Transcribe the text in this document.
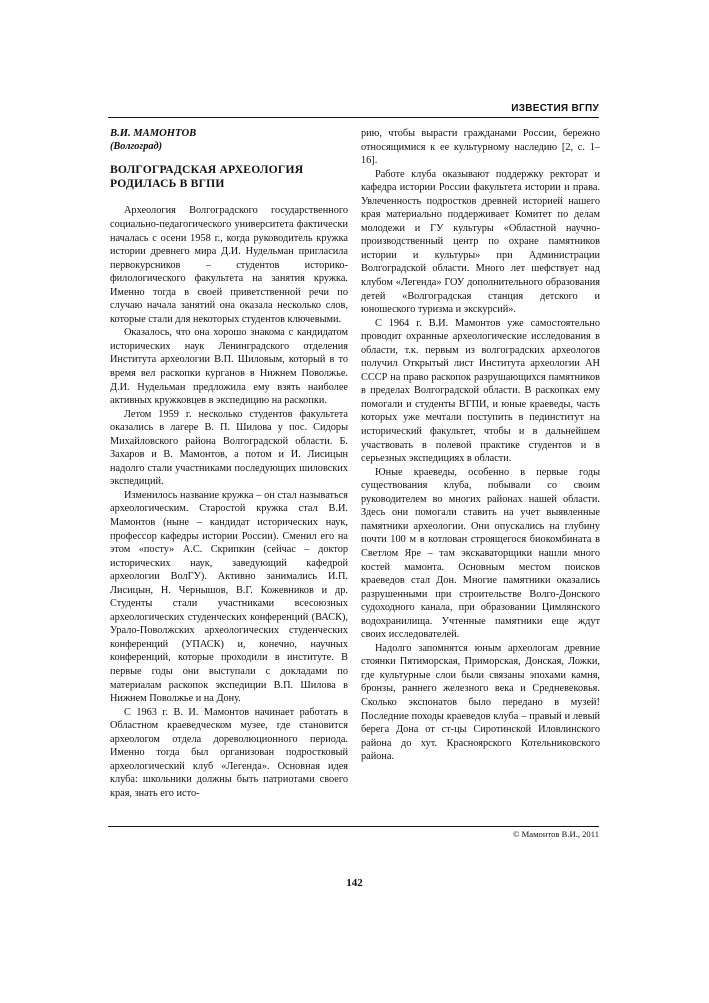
ИЗВЕСТИЯ ВГПУ
В.И. МАМОНТОВ
(Волгоград)
ВОЛГОГРАДСКАЯ АРХЕОЛОГИЯ
РОДИЛАСЬ В ВГПИ

Археология Волгоградского государственного социально-педагогического университета фактически началась с осени 1958 г., когда руководитель кружка истории древнего мира Д.И. Нудельман пригласила первокурсников – студентов историко-филологического факультета на занятия кружка. Именно тогда в своей приветственной речи по случаю начала занятий она оказала несколько слов, которые стали для некоторых студентов ключевыми.

Оказалось, что она хорошо знакома с кандидатом исторических наук Ленинградского отделения Института археологии В.П. Шиловым, который в то время вел раскопки курганов в Нижнем Поволжье. Д.И. Нудельман предложила ему взять наиболее активных кружковцев в экспедицию на раскопки.

Летом 1959 г. несколько студентов факультета оказались в лагере В. П. Шилова у пос. Сидоры Михайловского района Волгоградской области. Б. Захаров и В. Мамонтов, а потом и И. Лисицын надолго стали участниками последующих шиловских экспедиций.

Изменилось название кружка – он стал называться археологическим. Старостой кружка стал В.И. Мамонтов (ныне – кандидат исторических наук, профессор кафедры истории России). Сменил его на этом «посту» А.С. Скрипкин (сейчас – доктор исторических наук, заведующий кафедрой археологии ВолГУ). Активно занимались И.П. Лисицын, Н. Чернышов, В.Г. Кожевников и др. Студенты стали участниками всесоюзных археологических студенческих конференций (ВАСК), Урало-Поволжских археологических студенческих конференций (УПАСК) и, конечно, научных конференций, которые проходили в институте. В первые годы они выступали с докладами по материалам раскопок экспедиции В.П. Шилова в Нижнем Поволжье и на Дону.

С 1963 г. В. И. Мамонтов начинает работать в Областном краеведческом музее, где становится археологом отдела дореволюционного периода. Именно тогда был организован подростковый археологический клуб «Легенда». Основная идея клуба: школьники должны быть патриотами своего края, знать его исто-

рию, чтобы вырасти гражданами России, бережно относящимися к ее культурному наследию [2, с. 1–16].

Работе клуба оказывают поддержку ректорат и кафедра истории России факультета истории и права. Увлеченность подростков древней историей нашего края материально поддерживает Комитет по делам молодежи и ГУ культуры «Областной научно-производственный центр по охране памятников истории и культуры» при Администрации Волгоградской области. Много лет шефствует над клубом «Легенда» ГОУ дополнительного образования детей «Волгоградская станция детского и юношеского туризма и экскурсий».

С 1964 г. В.И. Мамонтов уже самостоятельно проводит охранные археологические исследования в области, т.к. первым из волгоградских археологов получил Открытый лист Института археологии АН СССР на право раскопок разрушающихся памятников в пределах Волгоградской области. В раскопках ему помогали и студенты ВГПИ, и юные краеведы, часть которых уже мечтали поступить в пединститут на исторический факультет, чтобы и в дальнейшем участвовать в полевой практике студентов и в серьезных экспедициях в области.

Юные краеведы, особенно в первые годы существования клуба, побывали со своим руководителем во многих районах нашей области. Здесь они помогали ставить на учет выявленные памятники археологии. Они опускались на глубину почти 100 м в котлован строящегося биокомбината в Светлом Яре – там экскаваторщики нашли много костей мамонта. Основным местом поисков краеведов стал Дон. Многие памятники оказались разрушенными при строительстве Волго-Донского судоходного канала, при образовании Цимлянского водохранилища. Учтенные памятники еще ждут своих исследователей.

Надолго запомнятся юным археологам древние стоянки Пятиморская, Приморская, Донская, Ложки, где культурные слои были связаны эпохами камня, бронзы, раннего железного века и Средневековья. Сколько экспонатов было передано в музей! Последние походы краеведов клуба – правый и левый берега Дона от ст-цы Сиротинской Иловлинского района до хут. Красноярского Котельниковского района.

© Мамонтов В.И., 2011
142
